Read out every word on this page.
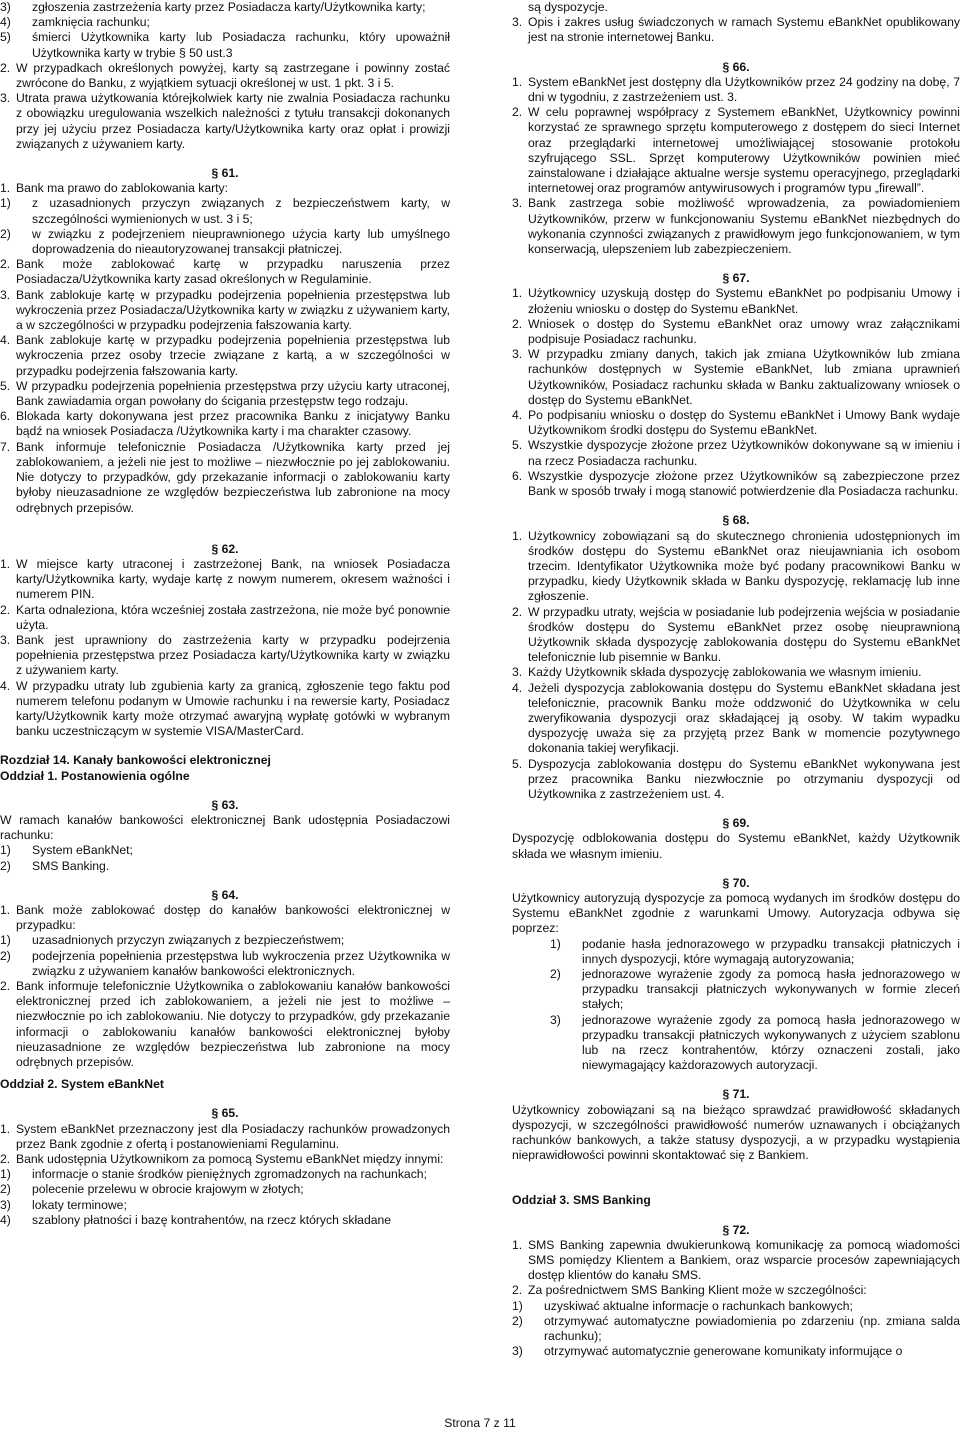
3) zgłoszenia zastrzeżenia karty przez Posiadacza karty/Użytkownika karty;
4) zamknięcia rachunku;
5) śmierci Użytkownika karty lub Posiadacza rachunku, który upoważnił Użytkownika karty w trybie § 50 ust.3
2. W przypadkach określonych powyżej, karty są zastrzegane i powinny zostać zwrócone do Banku, z wyjątkiem sytuacji określonej w ust. 1 pkt. 3 i 5.
3. Utrata prawa użytkowania którejkolwiek karty nie zwalnia Posiadacza rachunku z obowiązku uregulowania wszelkich należności z tytułu transakcji dokonanych przy jej użyciu przez Posiadacza karty/Użytkownika karty oraz opłat i prowizji związanych z używaniem karty.
§ 61.
1. Bank ma prawo do zablokowania karty:
1) z uzasadnionych przyczyn związanych z bezpieczeństwem karty, w szczególności wymienionych w ust. 3 i 5;
2) w związku z podejrzeniem nieuprawnionego użycia karty lub umyślnego doprowadzenia do nieautoryzowanej transakcji płatniczej.
2. Bank może zablokować kartę w przypadku naruszenia przez Posiadacza/Użytkownika karty zasad określonych w Regulaminie.
3. Bank zablokuje kartę w przypadku podejrzenia popełnienia przestępstwa lub wykroczenia przez Posiadacza/Użytkownika karty w związku z używaniem karty, a w szczególności w przypadku podejrzenia fałszowania karty.
4. Bank zablokuje kartę w przypadku podejrzenia popełnienia przestępstwa lub wykroczenia przez osoby trzecie związane z kartą, a w szczególności w przypadku podejrzenia fałszowania karty.
5. W przypadku podejrzenia popełnienia przestępstwa przy użyciu karty utraconej, Bank zawiadamia organ powołany do ścigania przestępstw tego rodzaju.
6. Blokada karty dokonywana jest przez pracownika Banku z inicjatywy Banku bądź na wniosek Posiadacza /Użytkownika karty i ma charakter czasowy.
7. Bank informuje telefonicznie Posiadacza /Użytkownika karty przed jej zablokowaniem, a jeżeli nie jest to możliwe – niezwłocznie po jej zablokowaniu. Nie dotyczy to przypadków, gdy przekazanie informacji o zablokowaniu karty byłoby nieuzasadnione ze względów bezpieczeństwa lub zabronione na mocy odrębnych przepisów.
§ 62.
1. W miejsce karty utraconej i zastrzeżonej Bank, na wniosek Posiadacza karty/Użytkownika karty, wydaje kartę z nowym numerem, okresem ważności i numerem PIN.
2. Karta odnaleziona, która wcześniej została zastrzeżona, nie może być ponownie użyta.
3. Bank jest uprawniony do zastrzeżenia karty w przypadku podejrzenia popełnienia przestępstwa przez Posiadacza karty/Użytkownika karty w związku z używaniem karty.
4. W przypadku utraty lub zgubienia karty za granicą, zgłoszenie tego faktu pod numerem telefonu podanym w Umowie rachunku i na rewersie karty, Posiadacz karty/Użytkownik karty może otrzymać awaryjną wypłatę gotówki w wybranym banku uczestniczącym w systemie VISA/MasterCard.
Rozdział 14. Kanały bankowości elektronicznej
Oddział 1. Postanowienia ogólne
§ 63.
W ramach kanałów bankowości elektronicznej Bank udostępnia Posiadaczowi rachunku:
1) System eBankNet;
2) SMS Banking.
§ 64.
1. Bank może zablokować dostęp do kanałów bankowości elektronicznej w przypadku:
1) uzasadnionych przyczyn związanych z bezpieczeństwem;
2) podejrzenia popełnienia przestępstwa lub wykroczenia przez Użytkownika w związku z używaniem kanałów bankowości elektronicznych.
2. Bank informuje telefonicznie Użytkownika o zablokowaniu kanałów bankowości elektronicznej przed ich zablokowaniem, a jeżeli nie jest to możliwe – niezwłocznie po ich zablokowaniu. Nie dotyczy to przypadków, gdy przekazanie informacji o zablokowaniu kanałów bankowości elektronicznej byłoby nieuzasadnione ze względów bezpieczeństwa lub zabronione na mocy odrębnych przepisów.
Oddział 2. System eBankNet
§ 65.
1. System eBankNet przeznaczony jest dla Posiadaczy rachunków prowadzonych przez Bank zgodnie z ofertą i postanowieniami Regulaminu.
2. Bank udostępnia Użytkownikom za pomocą Systemu eBankNet między innymi:
1) informacje o stanie środków pieniężnych zgromadzonych na rachunkach;
2) polecenie przelewu w obrocie krajowym w złotych;
3) lokaty terminowe;
4) szablony płatności i bazę kontrahentów, na rzecz których składane
są dyspozycje.
3. Opis i zakres usług świadczonych w ramach Systemu eBankNet opublikowany jest na stronie internetowej Banku.
§ 66.
1. System eBankNet jest dostępny dla Użytkowników przez 24 godziny na dobę, 7 dni w tygodniu, z zastrzeżeniem ust. 3.
2. W celu poprawnej współpracy z Systemem eBankNet, Użytkownicy powinni korzystać ze sprawnego sprzętu komputerowego z dostępem do sieci Internet oraz przeglądarki internetowej umożliwiającej stosowanie protokołu szyfrującego SSL. Sprzęt komputerowy Użytkowników powinien mieć zainstalowane i działające aktualne wersje systemu operacyjnego, przeglądarki internetowej oraz programów antywirusowych i programów typu „firewall”.
3. Bank zastrzega sobie możliwość wprowadzenia, za powiadomieniem Użytkowników, przerw w funkcjonowaniu Systemu eBankNet niezbędnych do wykonania czynności związanych z prawidłowym jego funkcjonowaniem, w tym konserwacją, ulepszeniem lub zabezpieczeniem.
§ 67.
1. Użytkownicy uzyskują dostęp do Systemu eBankNet po podpisaniu Umowy i złożeniu wniosku o dostęp do Systemu eBankNet.
2. Wniosek o dostęp do Systemu eBankNet oraz umowy wraz załącznikami podpisuje Posiadacz rachunku.
3. W przypadku zmiany danych, takich jak zmiana Użytkowników lub zmiana rachunków dostępnych w Systemie eBankNet, lub zmiana uprawnień Użytkowników, Posiadacz rachunku składa w Banku zaktualizowany wniosek o dostęp do Systemu eBankNet.
4. Po podpisaniu wniosku o dostęp do Systemu eBankNet i Umowy Bank wydaje Użytkownikom środki dostępu do Systemu eBankNet.
5. Wszystkie dyspozycje złożone przez Użytkowników dokonywane są w imieniu i na rzecz Posiadacza rachunku.
6. Wszystkie dyspozycje złożone przez Użytkowników są zabezpieczone przez Bank w sposób trwały i mogą stanowić potwierdzenie dla Posiadacza rachunku.
§ 68.
1. Użytkownicy zobowiązani są do skutecznego chronienia udostępnionych im środków dostępu do Systemu eBankNet oraz nieujawniania ich osobom trzecim. Identyfikator Użytkownika może być podany pracownikowi Banku w przypadku, kiedy Użytkownik składa w Banku dyspozycję, reklamację lub inne zgłoszenie.
2. W przypadku utraty, wejścia w posiadanie lub podejrzenia wejścia w posiadanie środków dostępu do Systemu eBankNet przez osobę nieuprawnioną Użytkownik składa dyspozycję zablokowania dostępu do Systemu eBankNet telefonicznie lub pisemnie w Banku.
3. Każdy Użytkownik składa dyspozycję zablokowania we własnym imieniu.
4. Jeżeli dyspozycja zablokowania dostępu do Systemu eBankNet składana jest telefonicznie, pracownik Banku może oddzwonić do Użytkownika w celu zweryfikowania dyspozycji oraz składającej ją osoby. W takim wypadku dyspozycję uważa się za przyjętą przez Bank w momencie pozytywnego dokonania takiej weryfikacji.
5. Dyspozycja zablokowania dostępu do Systemu eBankNet wykonywana jest przez pracownika Banku niezwłocznie po otrzymaniu dyspozycji od Użytkownika z zastrzeżeniem ust. 4.
§ 69.
Dyspozycję odblokowania dostępu do Systemu eBankNet, każdy Użytkownik składa we własnym imieniu.
§ 70.
Użytkownicy autoryzują dyspozycje za pomocą wydanych im środków dostępu do Systemu eBankNet zgodnie z warunkami Umowy. Autoryzacja odbywa się poprzez:
1) podanie hasła jednorazowego w przypadku transakcji płatniczych i innych dyspozycji, które wymagają autoryzowania;
2) jednorazowe wyrażenie zgody za pomocą hasła jednorazowego w przypadku transakcji płatniczych wykonywanych w formie zleceń stałych;
3) jednorazowe wyrażenie zgody za pomocą hasła jednorazowego w przypadku transakcji płatniczych wykonywanych z użyciem szablonu lub na rzecz kontrahentów, którzy oznaczeni zostali, jako niewymagający każdorazowych autoryzacji.
§ 71.
Użytkownicy zobowiązani są na bieżąco sprawdzać prawidłowość składanych dyspozycji, w szczególności prawidłowość numerów uznawanych i obciążanych rachunków bankowych, a także statusy dyspozycji, a w przypadku wystąpienia nieprawidłowości powinni skontaktować się z Bankiem.
Oddział 3. SMS Banking
§ 72.
1. SMS Banking zapewnia dwukierunkową komunikację za pomocą wiadomości SMS pomiędzy Klientem a Bankiem, oraz wsparcie procesów zapewniających dostęp klientów do kanału SMS.
2. Za pośrednictwem SMS Banking Klient może w szczególności:
1) uzyskiwać aktualne informacje o rachunkach bankowych;
2) otrzymywać automatyczne powiadomienia po zdarzeniu (np. zmiana salda rachunku);
3) otrzymywać automatycznie generowane komunikaty informujące o
Strona 7 z 11
